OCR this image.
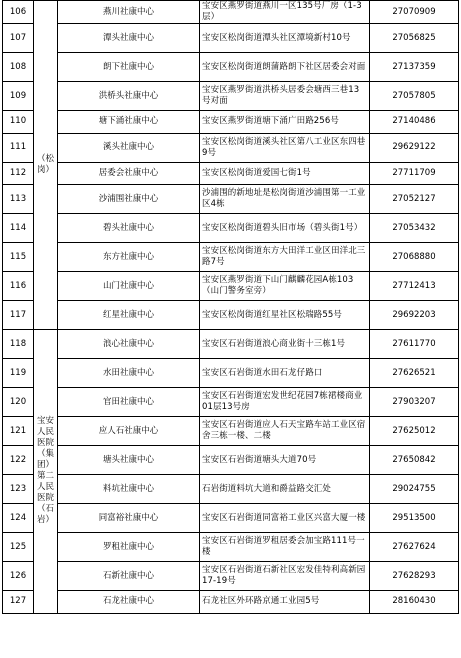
106	（松岗）	燕川社康中心	宝安区燕罗街道燕川一区135号厂房（1-3层）	27070909
107		潭头社康中心	宝安区松岗街道潭头社区潭境新村10号	27056825
108		朗下社康中心	宝安区松岗街道朗蒲路朗下社区居委会对面	27137359
109		洪桥头社康中心	宝安区燕罗街道洪桥头居委会塘西三巷13号对面	27057805
110		塘下涌社康中心	宝安区燕罗街道塘下涌广田路256号	27140486
111		溪头社康中心	宝安区松岗街道溪头社区第八工业区东四巷9号	29629122
112		居委会社康中心	宝安区松岗街道爱国七街1号	27711709
113		沙浦围社康中心	沙浦围的新地址是松岗街道沙浦围第一工业区4栋	27052127
114		碧头社康中心	宝安区松岗街道碧头旧市场（碧头街1号）	27053432
115		东方社康中心	宝安区松岗街道东方大田洋工业区田洋北三路7号	27068880
116		山门社康中心	宝安区燕罗街道下山门麒麟花园A栋103（山门警务室旁）	27712413
117		红星社康中心	宝安区松岗街道红星社区松瑞路55号	29692203
118	宝安人民医院（集团）第二人民医院（石岩）	浪心社康中心	宝安区石岩街道浪心商业街十三栋1号	27611770
119		水田社康中心	宝安区石岩街道水田石龙仔路口	27626521
120		官田社康中心	宝安区石岩街道宏发世纪花园7栋裙楼商业01层13号房	27903207
121		应人石社康中心	宝安区石岩街道应人石天宝路车站工业区宿舍三栋一楼、二楼	27625012
122		塘头社康中心	宝安区石岩街道塘头大道70号	27650842
123		料坑社康中心	石岩街道料坑大道和爵益路交汇处	29024755
124		同富裕社康中心	宝安区石岩街道同富裕工业区兴富大厦一楼	29513500
125		罗租社康中心	宝安区石岩街道罗租居委会加宝路111号一楼	27627624
126		石新社康中心	宝安区石岩街道石新社区宏发佳特利高新园17-19号	27628293
127		石龙社康中心	石龙社区外环路京通工业园5号	28160430
